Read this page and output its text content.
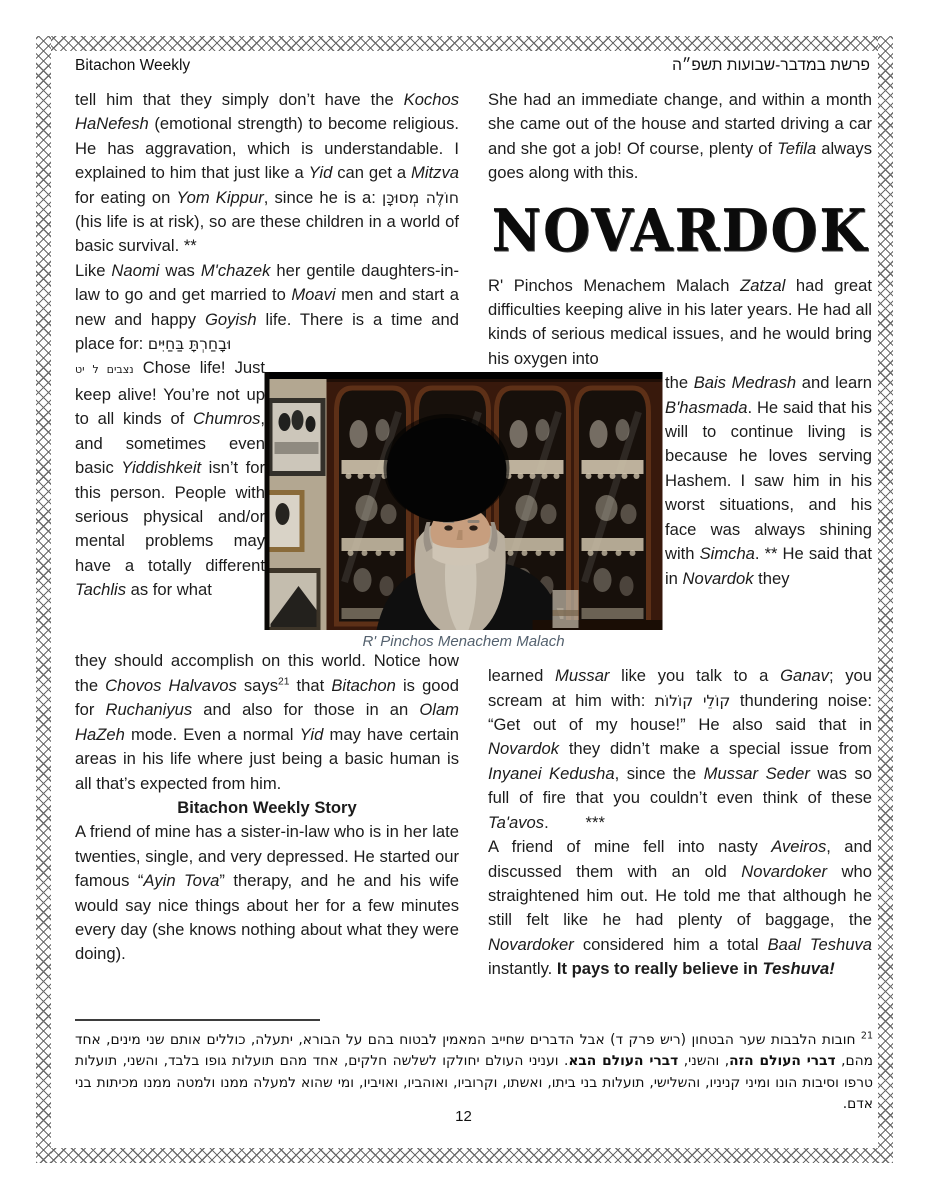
Bitachon Weekly	פרשת במדבר-שבועות תשפ״ה
tell him that they simply don’t have the Kochos HaNefesh (emotional strength) to become religious. He has aggravation, which is understandable. I explained to him that just like a Yid can get a Mitzva for eating on Yom Kippur, since he is a: חוֹלֶה מְסוּכָּן (his life is at risk), so are these children in a world of basic survival. **
Like Naomi was M'chazek her gentile daughters-in-law to go and get married to Moavi men and start a new and happy Goyish life. There is a time and place for: וּבָחַרְתָּ בַּחַיִּים
נצבים ל יט Chose life! Just keep alive! You’re not up to all kinds of Chumros, and sometimes even basic Yiddishkeit isn’t for this person. People with serious physical and/or mental problems may have a totally different Tachlis as for what
they should accomplish on this world. Notice how the Chovos Halvavos says$^{21}$ that Bitachon is good for Ruchaniyus and also for those in an Olam HaZeh mode. Even a normal Yid may have certain areas in his life where just being a basic human is all that’s expected from him.
Bitachon Weekly Story
A friend of mine has a sister-in-law who is in her late twenties, single, and very depressed. He started our famous “Ayin Tova” therapy, and he and his wife would say nice things about her for a few minutes every day (she knows nothing about what they were doing).
She had an immediate change, and within a month she came out of the house and started driving a car and she got a job! Of course, plenty of Tefila always goes along with this.
NOVARDOK
R' Pinchos Menachem Malach Zatzal had great difficulties keeping alive in his later years. He had all kinds of serious medical issues, and he would bring his oxygen into
the Bais Medrash and learn B'hasmada. He said that his will to continue living is because he loves serving Hashem. I saw him in his worst situations, and his face was always shining with Simcha. ** He said that in Novardok they
learned Mussar like you talk to a Ganav; you scream at him with: קוֹלֵי קוֹלוֹת thundering noise: “Get out of my house!” He also said that in Novardok they didn’t make a special issue from Inyanei Kedusha, since the Mussar Seder was so full of fire that you couldn’t even think of these Ta'avos.        ***
A friend of mine fell into nasty Aveiros, and discussed them with an old Novardoker who straightened him out. He told me that although he still felt like he had plenty of baggage, the Novardoker considered him a total Baal Teshuva instantly. It pays to really believe in Teshuva!
R' Pinchos Menachem Malach
$^{21}$ חובות הלבבות שער הבטחון (ריש פרק ד) אבל הדברים שחייב המאמין לבטוח בהם על הבורא, יתעלה, כוללים אותם שני מינים, אחד מהם, דברי העולם הזה, והשני, דברי העולם הבא. ועניני העולם יחולקו לשלשה חלקים, אחד מהם תועלות גופו בלבד, והשני, תועלות טרפו וסיבות הונו ומיני קניניו, והשלישי, תועלות בני ביתו, ואשתו, וקרוביו, ואוהביו, ואויביו, ומי שהוא למעלה ממנו ולמטה ממנו מכיתות בני אדם.
12
